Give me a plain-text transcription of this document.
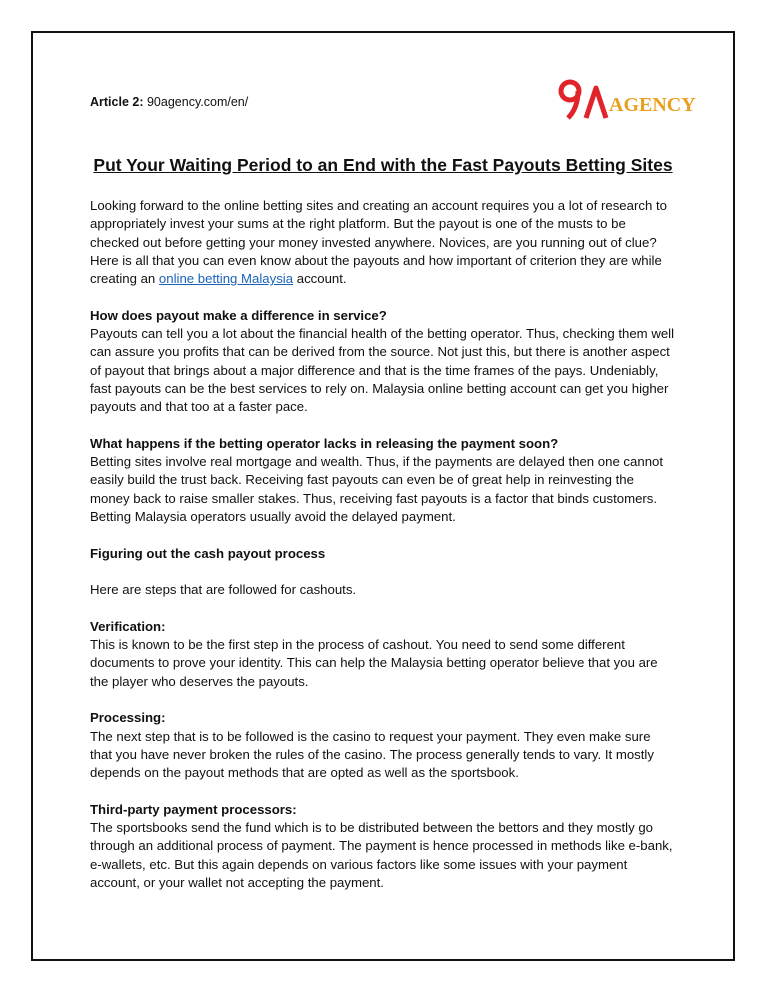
Article 2: 90agency.com/en/	AGENCY
Put Your Waiting Period to an End with the Fast Payouts Betting Sites

Looking forward to the online betting sites and creating an account requires you a lot of research to appropriately invest your sums at the right platform. But the payout is one of the musts to be checked out before getting your money invested anywhere. Novices, are you running out of clue? Here is all that you can even know about the payouts and how important of criterion they are while creating an online betting Malaysia account.

How does payout make a difference in service?
Payouts can tell you a lot about the financial health of the betting operator. Thus, checking them well can assure you profits that can be derived from the source. Not just this, but there is another aspect of payout that brings about a major difference and that is the time frames of the pays. Undeniably, fast payouts can be the best services to rely on. Malaysia online betting account can get you higher payouts and that too at a faster pace.

What happens if the betting operator lacks in releasing the payment soon?
Betting sites involve real mortgage and wealth. Thus, if the payments are delayed then one cannot easily build the trust back. Receiving fast payouts can even be of great help in reinvesting the money back to raise smaller stakes. Thus, receiving fast payouts is a factor that binds customers. Betting Malaysia operators usually avoid the delayed payment.

Figuring out the cash payout process

Here are steps that are followed for cashouts.

Verification:
This is known to be the first step in the process of cashout. You need to send some different documents to prove your identity. This can help the Malaysia betting operator believe that you are the player who deserves the payouts.

Processing:
The next step that is to be followed is the casino to request your payment. They even make sure that you have never broken the rules of the casino. The process generally tends to vary. It mostly depends on the payout methods that are opted as well as the sportsbook.

Third-party payment processors:
The sportsbooks send the fund which is to be distributed between the bettors and they mostly go through an additional process of payment. The payment is hence processed in methods like e-bank, e-wallets, etc. But this again depends on various factors like some issues with your payment account, or your wallet not accepting the payment.
